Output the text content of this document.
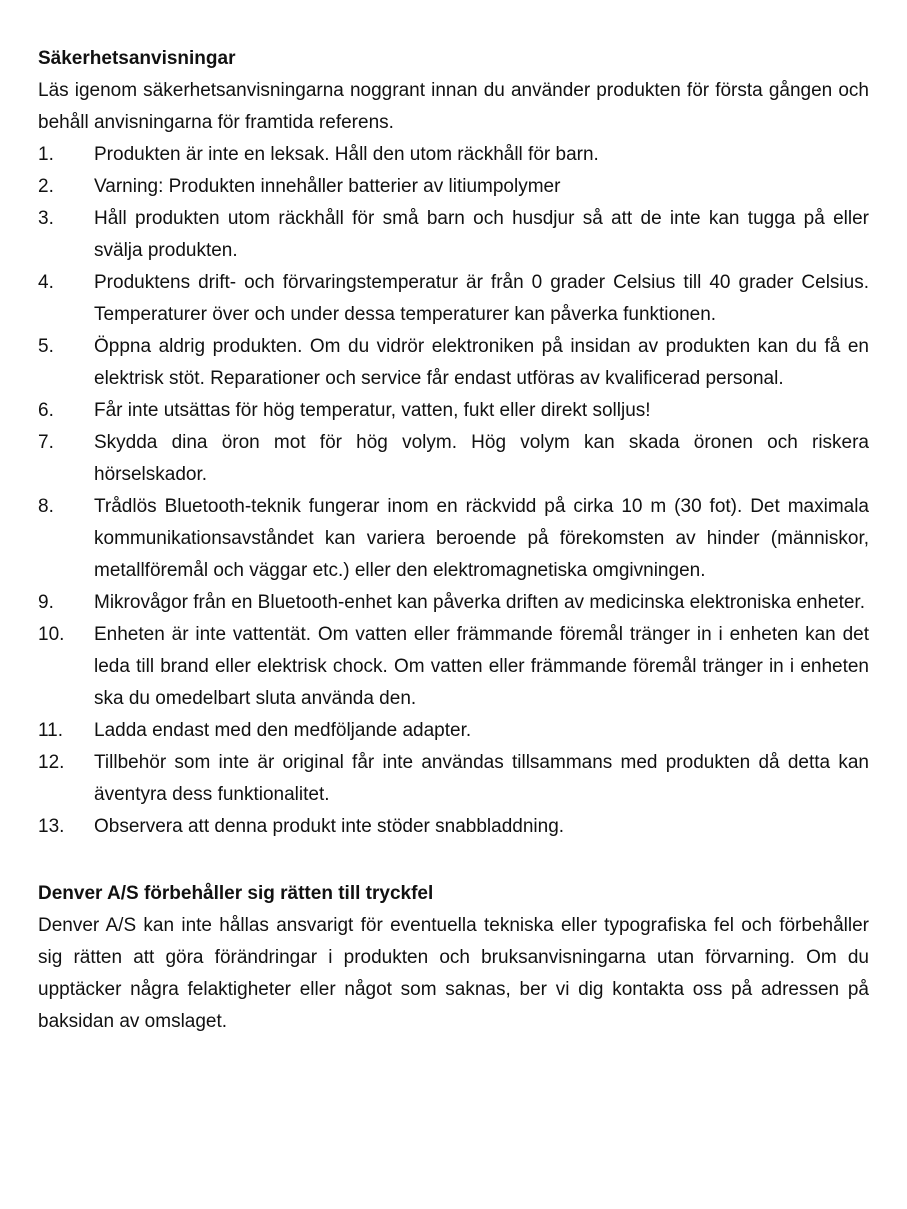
Säkerhetsanvisningar

Läs igenom säkerhetsanvisningarna noggrant innan du använder produkten för första gången och behåll anvisningarna för framtida referens.

1.	Produkten är inte en leksak. Håll den utom räckhåll för barn.
2.	Varning: Produkten innehåller batterier av litiumpolymer
3.	Håll produkten utom räckhåll för små barn och husdjur så att de inte kan tugga på eller svälja produkten.
4.	Produktens drift- och förvaringstemperatur är från 0 grader Celsius till 40 grader Celsius. Temperaturer över och under dessa temperaturer kan påverka funktionen.
5.	Öppna aldrig produkten. Om du vidrör elektroniken på insidan av produkten kan du få en elektrisk stöt. Reparationer och service får endast utföras av kvalificerad personal.
6.	Får inte utsättas för hög temperatur, vatten, fukt eller direkt solljus!
7.	Skydda dina öron mot för hög volym. Hög volym kan skada öronen och riskera hörselskador.
8.	Trådlös Bluetooth-teknik fungerar inom en räckvidd på cirka 10 m (30 fot). Det maximala kommunikationsavståndet kan variera beroende på förekomsten av hinder (människor, metallföremål och väggar etc.) eller den elektromagnetiska omgivningen.
9.	Mikrovågor från en Bluetooth-enhet kan påverka driften av medicinska elektroniska enheter.
10.	Enheten är inte vattentät. Om vatten eller främmande föremål tränger in i enheten kan det leda till brand eller elektrisk chock. Om vatten eller främmande föremål tränger in i enheten ska du omedelbart sluta använda den.
11.	Ladda endast med den medföljande adapter.
12.	Tillbehör som inte är original får inte användas tillsammans med produkten då detta kan äventyra dess funktionalitet.
13.	Observera att denna produkt inte stöder snabbladdning.
Denver A/S förbehåller sig rätten till tryckfel

Denver A/S kan inte hållas ansvarigt för eventuella tekniska eller typografiska fel och förbehåller sig rätten att göra förändringar i produkten och bruksanvisningarna utan förvarning. Om du upptäcker några felaktigheter eller något som saknas, ber vi dig kontakta oss på adressen på baksidan av omslaget.
